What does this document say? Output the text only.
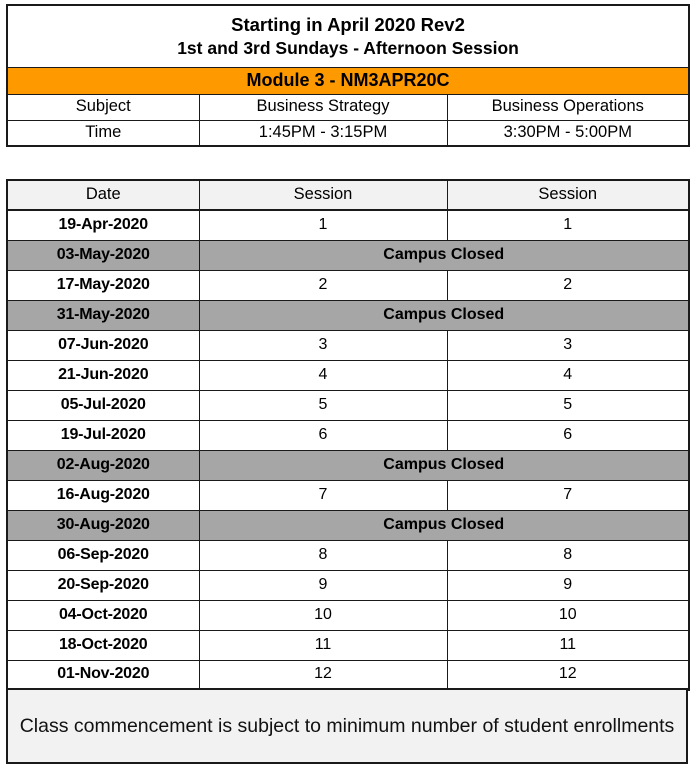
Starting in April 2020 Rev2
1st and 3rd Sundays - Afternoon Session		

Module 3 - NM3APR20C		
Subject	Business Strategy	Business Operations
Time	1:45PM - 3:15PM	3:30PM - 5:00PM
Date	Session	Session
19-Apr-2020	1	1
03-May-2020	Campus Closed	
17-May-2020	2	2
31-May-2020	Campus Closed	
07-Jun-2020	3	3
21-Jun-2020	4	4
05-Jul-2020	5	5
19-Jul-2020	6	6
02-Aug-2020	Campus Closed	
16-Aug-2020	7	7
30-Aug-2020	Campus Closed	
06-Sep-2020	8	8
20-Sep-2020	9	9
04-Oct-2020	10	10
18-Oct-2020	11	11
01-Nov-2020	12	12
Class commencement is subject to minimum number of student enrollments
